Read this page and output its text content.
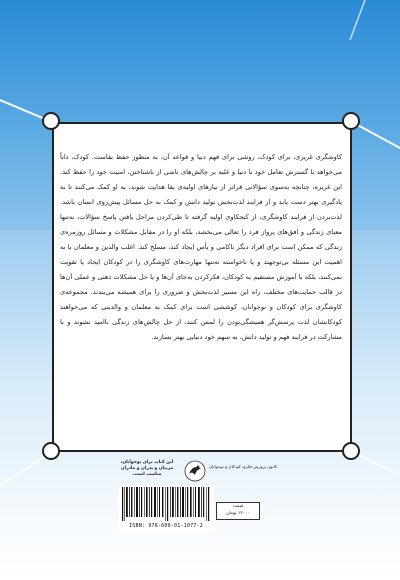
کاوشگری غریزی، برای کودک، روشی برای فهم دنیا و قواعد آن، به منظور حفظ بقاست. کودک، ذاتاً می‌خواهد با گسترش تعامل خود با دنیا و غلبه بر چالش‌های ناشی از ناشناختن، امنیت خود را حفظ کند. این غریزه، چنانچه به‌سوی سؤالاتی فراتر از نیازهای اولیه‌ی بقا هدایت شوند، به او کمک می‌کنند تا به یادگیری بهتر دست یابد و از فرایند لذت‌بخش تولید دانش و کمک به حل مسائل پیش‌روی انسان باشد. لذت‌بردن از فرایند کاوشگری، از کنجکاوی اولیه گرفته تا طی‌کردن مراحل یافتن پاسخ سؤالات، نه‌تنها معنای زندگی و افق‌های پرواز فرد را تعالی می‌بخشد، بلکه او را در مقابل مشکلات و مسائل روزمره‌ی زندگی که ممکن است برای افراد دیگر ناکامی و یأس ایجاد کند، مسلح کند. اغلب والدین و معلمان با به اهمیت این مسئله بی‌توجهند و یا ناخواسته نه‌تنها مهارت‌های کاوشگری را در کودکان ایجاد یا تقویت نمی‌کنند، بلکه با آموزش مستقیم به کودکان، فکرکردن به‌جای آن‌ها و یا حل مشکلات ذهنی و عملی آن‌ها در قالب حمایت‌های مختلف، راه این مسیر لذت‌بخش و ضروری را برای همیشه می‌بندند. مجموعه‌ی کاوشگری برای کودکان و نوجوانان، کوششی است برای کمک به معلمان و والدینی که می‌خواهند کودکانشان لذت پرسش‌گر همیشگی‌بودن را لمس کنند، از حل چالش‌های زندگی ناامید نشوند و با مشارکت در فرایند فهم و تولید دانش، به سهم خود دنیایی بهتر بسازند.

این کتاب برای نوجوانان، مربیان و پدران و مادران مناسب است.
کانون پرورش فکری کودکان و نوجوانان
ISBN: 978-600-01-1077-2
قیمت
۱۲۰۰۰ تومان
